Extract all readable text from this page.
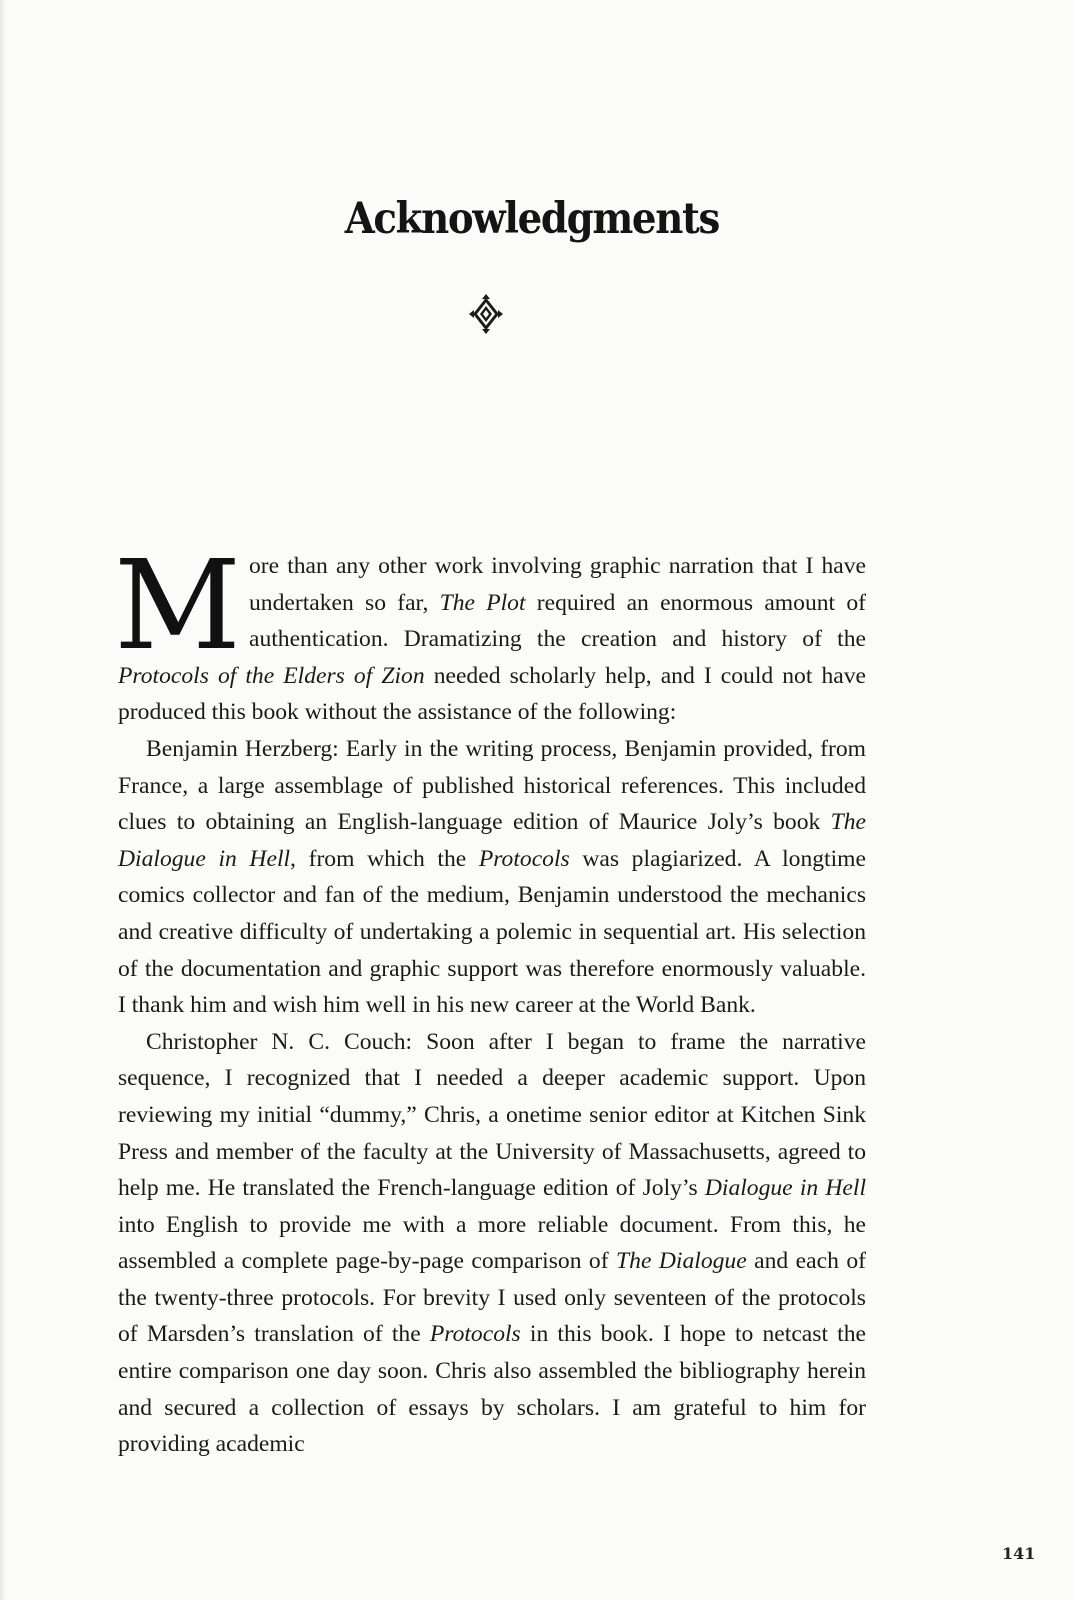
Acknowledgments

More than any other work involving graphic narration that I have undertaken so far, The Plot required an enormous amount of authentication. Dramatizing the creation and history of the Protocols of the Elders of Zion needed scholarly help, and I could not have produced this book without the assistance of the following:

Benjamin Herzberg: Early in the writing process, Benjamin provided, from France, a large assemblage of published historical references. This included clues to obtaining an English-language edition of Maurice Joly’s book The Dialogue in Hell, from which the Protocols was plagiarized. A longtime comics collector and fan of the medium, Benjamin understood the mechanics and creative difficulty of undertaking a polemic in sequential art. His selection of the documentation and graphic support was therefore enormously valuable. I thank him and wish him well in his new career at the World Bank.

Christopher N. C. Couch: Soon after I began to frame the narrative sequence, I recognized that I needed a deeper academic support. Upon reviewing my initial “dummy,” Chris, a onetime senior editor at Kitchen Sink Press and member of the faculty at the University of Massachusetts, agreed to help me. He translated the French-language edition of Joly’s Dialogue in Hell into English to provide me with a more reliable document. From this, he assembled a complete page-by-page comparison of The Dialogue and each of the twenty-three protocols. For brevity I used only seventeen of the protocols of Marsden’s translation of the Protocols in this book. I hope to netcast the entire comparison one day soon. Chris also assembled the bibliography herein and secured a collection of essays by scholars. I am grateful to him for providing academic

141
